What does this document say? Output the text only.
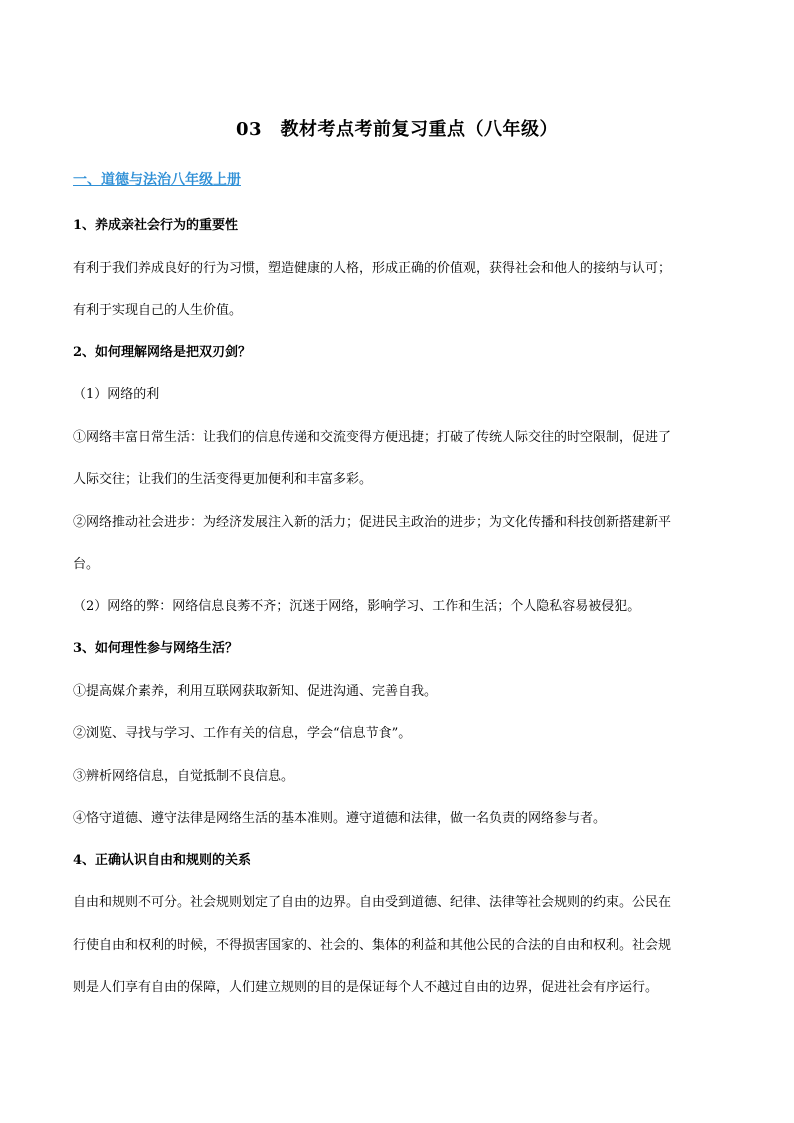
03　教材考点考前复习重点（八年级）
一、道德与法治八年级上册
1、养成亲社会行为的重要性
有利于我们养成良好的行为习惯，塑造健康的人格，形成正确的价值观，获得社会和他人的接纳与认可；
有利于实现自己的人生价值。
2、如何理解网络是把双刃剑？
（1）网络的利
①网络丰富日常生活：让我们的信息传递和交流变得方便迅捷；打破了传统人际交往的时空限制，促进了
人际交往；让我们的生活变得更加便利和丰富多彩。
②网络推动社会进步：为经济发展注入新的活力；促进民主政治的进步；为文化传播和科技创新搭建新平
台。
（2）网络的弊：网络信息良莠不齐；沉迷于网络，影响学习、工作和生活；个人隐私容易被侵犯。
3、如何理性参与网络生活？
①提高媒介素养，利用互联网获取新知、促进沟通、完善自我。
②浏览、寻找与学习、工作有关的信息，学会“信息节食”。
③辨析网络信息，自觉抵制不良信息。
④恪守道德、遵守法律是网络生活的基本准则。遵守道德和法律，做一名负责的网络参与者。
4、正确认识自由和规则的关系
自由和规则不可分。社会规则划定了自由的边界。自由受到道德、纪律、法律等社会规则的约束。公民在
行使自由和权利的时候，不得损害国家的、社会的、集体的利益和其他公民的合法的自由和权利。社会规
则是人们享有自由的保障，人们建立规则的目的是保证每个人不越过自由的边界，促进社会有序运行。
